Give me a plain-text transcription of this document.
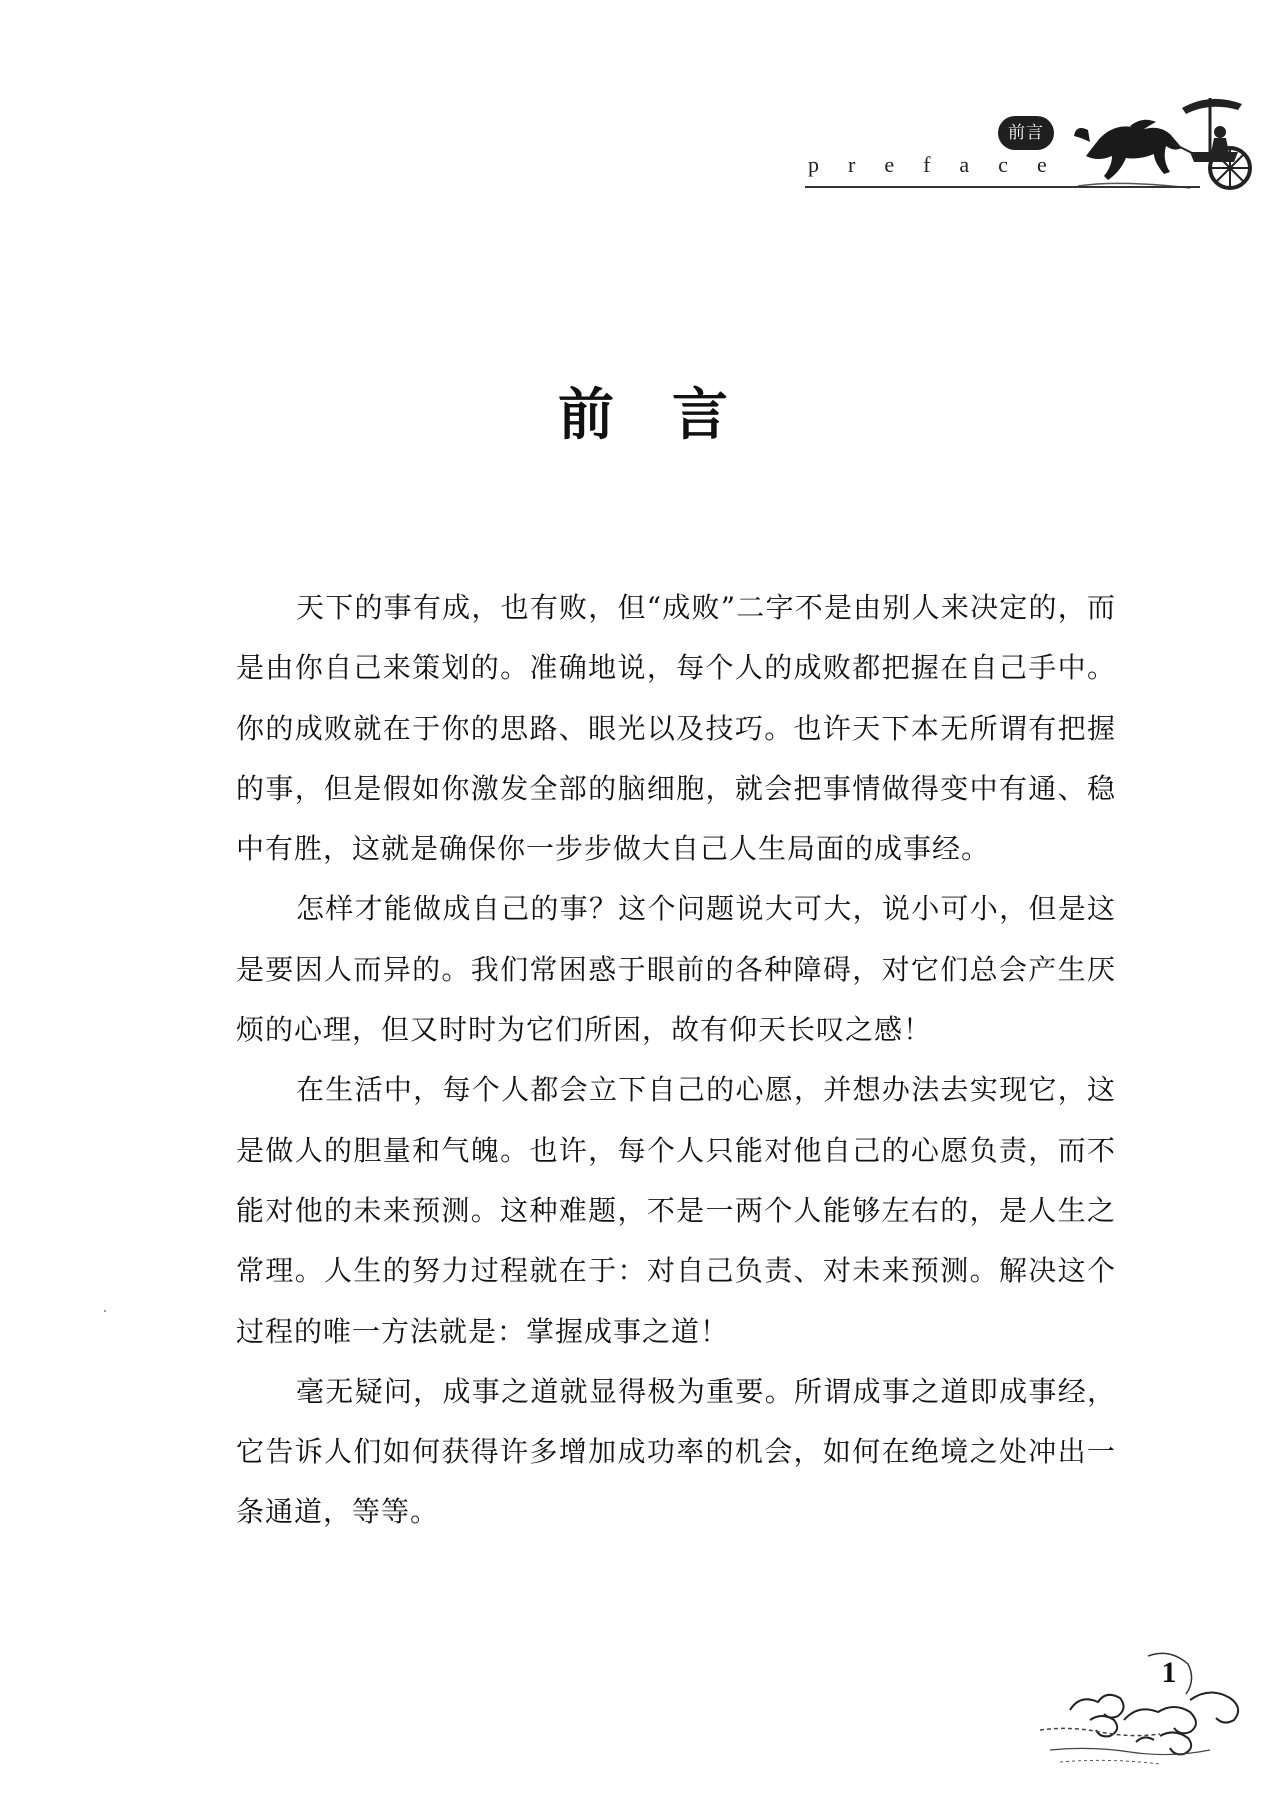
前言
preface
前言

天下的事有成，也有败，但“成败”二字不是由别人来决定的，而是由你自己来策划的。准确地说，每个人的成败都把握在自己手中。你的成败就在于你的思路、眼光以及技巧。也许天下本无所谓有把握的事，但是假如你激发全部的脑细胞，就会把事情做得变中有通、稳中有胜，这就是确保你一步步做大自己人生局面的成事经。

怎样才能做成自己的事？这个问题说大可大，说小可小，但是这是要因人而异的。我们常困惑于眼前的各种障碍，对它们总会产生厌烦的心理，但又时时为它们所困，故有仰天长叹之感！

在生活中，每个人都会立下自己的心愿，并想办法去实现它，这是做人的胆量和气魄。也许，每个人只能对他自己的心愿负责，而不能对他的未来预测。这种难题，不是一两个人能够左右的，是人生之常理。人生的努力过程就在于：对自己负责、对未来预测。解决这个过程的唯一方法就是：掌握成事之道！

毫无疑问，成事之道就显得极为重要。所谓成事之道即成事经，它告诉人们如何获得许多增加成功率的机会，如何在绝境之处冲出一条通道，等等。

1
